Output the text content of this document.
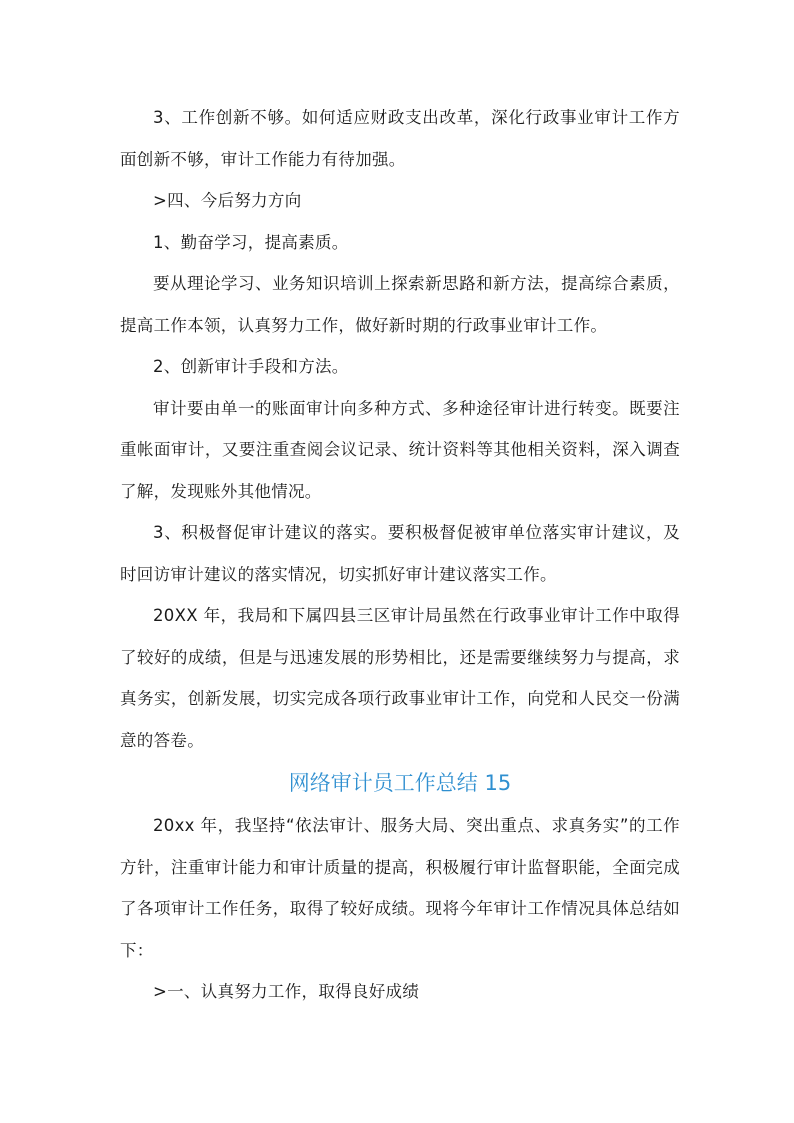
3、工作创新不够。如何适应财政支出改革，深化行政事业审计工作方面创新不够，审计工作能力有待加强。

>四、今后努力方向

1、勤奋学习，提高素质。

要从理论学习、业务知识培训上探索新思路和新方法，提高综合素质，提高工作本领，认真努力工作，做好新时期的行政事业审计工作。

2、创新审计手段和方法。

审计要由单一的账面审计向多种方式、多种途径审计进行转变。既要注重帐面审计，又要注重查阅会议记录、统计资料等其他相关资料，深入调查了解，发现账外其他情况。

3、积极督促审计建议的落实。要积极督促被审单位落实审计建议，及时回访审计建议的落实情况，切实抓好审计建议落实工作。

20XX 年，我局和下属四县三区审计局虽然在行政事业审计工作中取得了较好的成绩，但是与迅速发展的形势相比，还是需要继续努力与提高，求真务实，创新发展，切实完成各项行政事业审计工作，向党和人民交一份满意的答卷。

网络审计员工作总结 15

20xx 年，我坚持“依法审计、服务大局、突出重点、求真务实”的工作方针，注重审计能力和审计质量的提高，积极履行审计监督职能，全面完成了各项审计工作任务，取得了较好成绩。现将今年审计工作情况具体总结如下：

>一、认真努力工作，取得良好成绩
